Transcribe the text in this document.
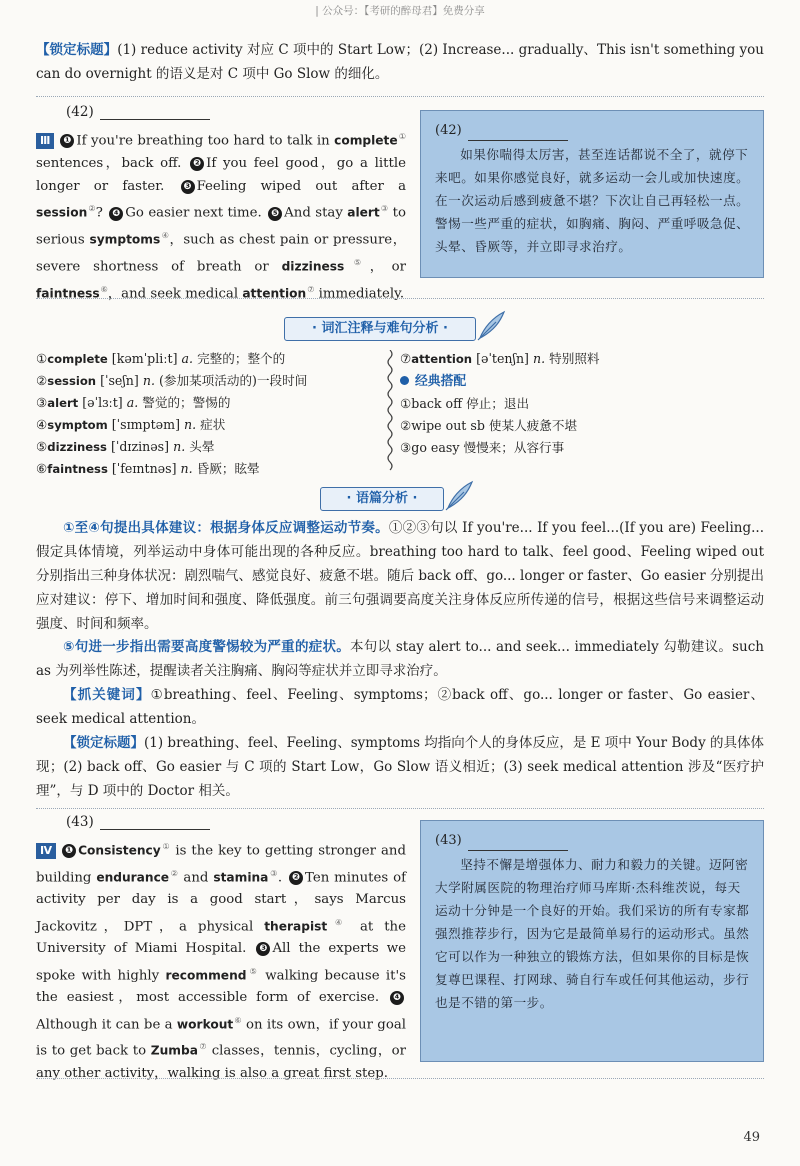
| 公众号：【考研的醉母君】免费分享
【锁定标题】(1) reduce activity 对应 C 项中的 Start Low；(2) Increase... gradually、This isn't something you can do overnight 的语义是对 C 项中 Go Slow 的细化。
(42)
Ⅲ ❶ If you're breathing too hard to talk in complete① sentences，back off. ❷ If you feel good，go a little longer or faster. ❸ Feeling wiped out after a session②? ❹ Go easier next time. ❺ And stay alert③ to serious symptoms④，such as chest pain or pressure，severe shortness of breath or dizziness⑤，or faintness⑥，and seek medical attention⑦ immediately.
(42)
如果你喘得太厉害，甚至连话都说不全了，就停下来吧。如果你感觉良好，就多运动一会儿或加快速度。在一次运动后感到疲惫不堪？下次让自己再轻松一点。警惕一些严重的症状，如胸痛、胸闷、严重呼吸急促、头晕、昏厥等，并立即寻求治疗。
· 词汇注释与难句分析 ·
①complete [kəmˈpliːt] a. 完整的；整个的
②session [ˈseʃn] n. (参加某项活动的)一段时间
③alert [əˈlɜːt] a. 警觉的；警惕的
④symptom [ˈsɪmptəm] n. 症状
⑤dizziness [ˈdɪzinəs] n. 头晕
⑥faintness [ˈfeɪntnəs] n. 昏厥；眩晕
⑦attention [əˈtenʃn] n. 特别照料
经典搭配
①back off 停止；退出
②wipe out sb 使某人疲惫不堪
③go easy 慢慢来；从容行事
· 语篇分析 ·
①至④句提出具体建议：根据身体反应调整运动节奏。①②③句以 If you're... If you feel...(If you are) Feeling... 假定具体情境，列举运动中身体可能出现的各种反应。breathing too hard to talk、feel good、Feeling wiped out 分别指出三种身体状况：剧烈喘气、感觉良好、疲惫不堪。随后 back off、go... longer or faster、Go easier 分别提出应对建议：停下、增加时间和强度、降低强度。前三句强调要高度关注身体反应所传递的信号，根据这些信号来调整运动强度、时间和频率。
⑤句进一步指出需要高度警惕较为严重的症状。本句以 stay alert to... and seek... immediately 勾勒建议。such as 为列举性陈述，提醒读者关注胸痛、胸闷等症状并立即寻求治疗。
【抓关键词】①breathing、feel、Feeling、symptoms；②back off、go... longer or faster、Go easier、seek medical attention。
【锁定标题】(1) breathing、feel、Feeling、symptoms 均指向个人的身体反应，是 E 项中 Your Body 的具体体现；(2) back off、Go easier 与 C 项的 Start Low，Go Slow 语义相近；(3) seek medical attention 涉及“医疗护理”，与 D 项中的 Doctor 相关。
(43)
Ⅳ ❶ Consistency① is the key to getting stronger and building endurance② and stamina③. ❷ Ten minutes of activity per day is a good start，says Marcus Jackovitz，DPT，a physical therapist④ at the University of Miami Hospital. ❸ All the experts we spoke with highly recommend⑤ walking because it's the easiest，most accessible form of exercise. ❹Although it can be a workout⑥ on its own，if your goal is to get back to Zumba⑦ classes，tennis，cycling，or any other activity，walking is also a great first step.
(43)
坚持不懈是增强体力、耐力和毅力的关键。迈阿密大学附属医院的物理治疗师马库斯·杰科维茨说，每天运动十分钟是一个良好的开始。我们采访的所有专家都强烈推荐步行，因为它是最简单易行的运动形式。虽然它可以作为一种独立的锻炼方法，但如果你的目标是恢复尊巴课程、打网球、骑自行车或任何其他运动，步行也是不错的第一步。
49
